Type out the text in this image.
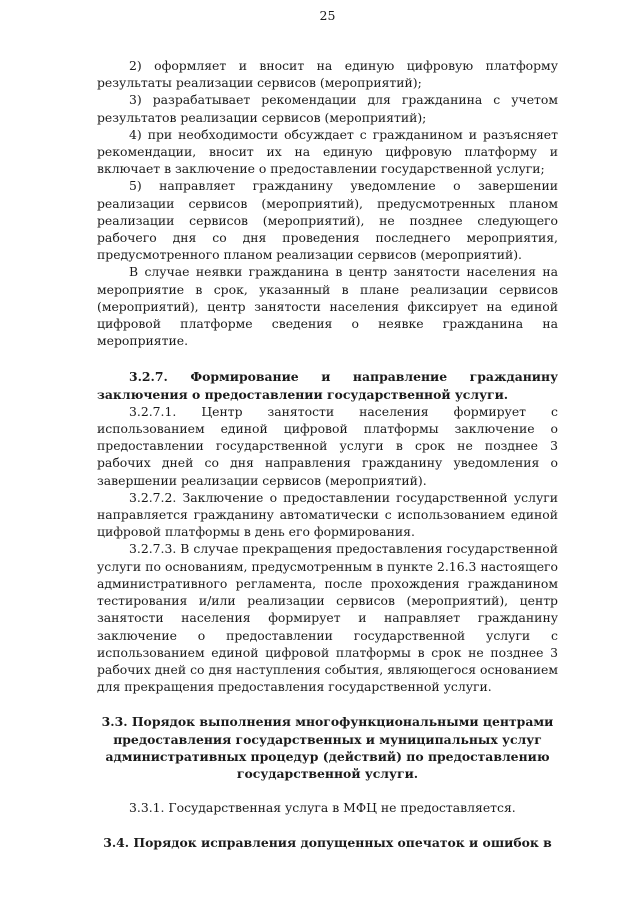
25

2) оформляет и вносит на единую цифровую платформу результаты реализации сервисов (мероприятий);

3) разрабатывает рекомендации для гражданина с учетом результатов реализации сервисов (мероприятий);

4) при необходимости обсуждает с гражданином и разъясняет рекомендации, вносит их на единую цифровую платформу и включает в заключение о предоставлении государственной услуги;

5) направляет гражданину уведомление о завершении реализации сервисов (мероприятий), предусмотренных планом реализации сервисов (мероприятий), не позднее следующего рабочего дня со дня проведения последнего мероприятия, предусмотренного планом реализации сервисов (мероприятий).

В случае неявки гражданина в центр занятости населения на мероприятие в срок, указанный в плане реализации сервисов (мероприятий), центр занятости населения фиксирует на единой цифровой платформе сведения о неявке гражданина на мероприятие.

3.2.7. Формирование и направление гражданину заключения о предоставлении государственной услуги.

3.2.7.1. Центр занятости населения формирует с использованием единой цифровой платформы заключение о предоставлении государственной услуги в срок не позднее 3 рабочих дней со дня направления гражданину уведомления о завершении реализации сервисов (мероприятий).

3.2.7.2. Заключение о предоставлении государственной услуги направляется гражданину автоматически с использованием единой цифровой платформы в день его формирования.

3.2.7.3. В случае прекращения предоставления государственной услуги по основаниям, предусмотренным в пункте 2.16.3 настоящего административного регламента, после прохождения гражданином тестирования и/или реализации сервисов (мероприятий), центр занятости населения формирует и направляет гражданину заключение о предоставлении государственной услуги с использованием единой цифровой платформы в срок не позднее 3 рабочих дней со дня наступления события, являющегося основанием для прекращения предоставления государственной услуги.

3.3. Порядок выполнения многофункциональными центрами предоставления государственных и муниципальных услуг административных процедур (действий) по предоставлению государственной услуги.

3.3.1. Государственная услуга в МФЦ не предоставляется.

3.4. Порядок исправления допущенных опечаток и ошибок в
